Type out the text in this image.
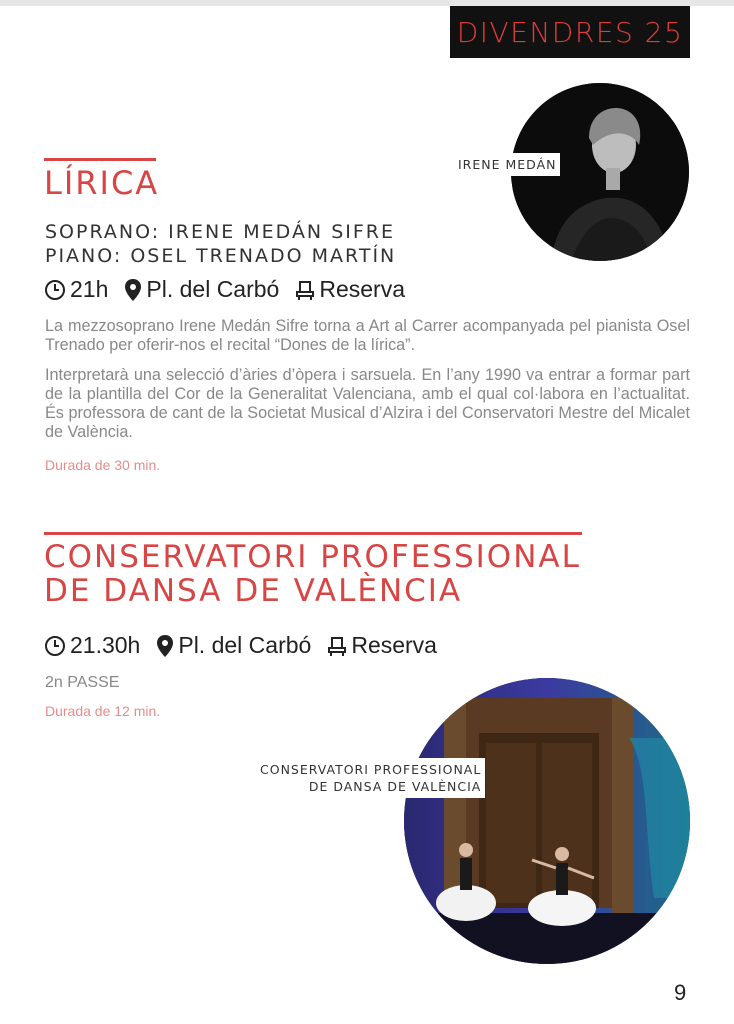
DIVENDRES 25
LÍRICA
SOPRANO: IRENE MEDÁN SIFRE
PIANO: OSEL TRENADO MARTÍN
21h Pl. del Carbó Reserva

La mezzosoprano Irene Medán Sifre torna a Art al Carrer acompanyada pel pianista Osel Trenado per oferir-nos el recital “Dones de la lírica”.

Interpretarà una selecció d’àries d’òpera i sarsuela. En l’any 1990 va entrar a formar part de la plantilla del Cor de la Generalitat Valenciana, amb el qual col·labora en l’actualitat. És professora de cant de la Societat Musical d’Alzira i del Conservatori Mestre del Micalet de València.

Durada de 30 min.
IRENE MEDÁN
CONSERVATORI PROFESSIONAL
DE DANSA DE VALÈNCIA
21.30h Pl. del Carbó Reserva
2n PASSE
Durada de 12 min.
CONSERVATORI PROFESSIONAL
DE DANSA DE VALÈNCIA
9
